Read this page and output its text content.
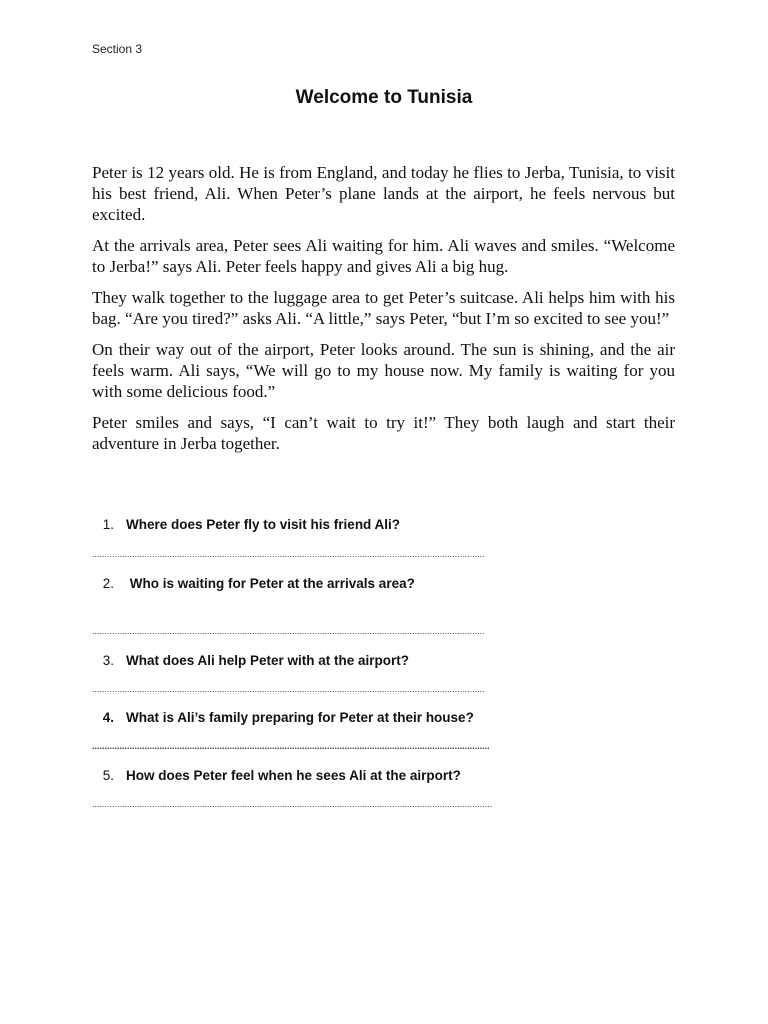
Section 3
Welcome to Tunisia

Peter is 12 years old. He is from England, and today he flies to Jerba, Tunisia, to visit his best friend, Ali. When Peter’s plane lands at the airport, he feels nervous but excited.

At the arrivals area, Peter sees Ali waiting for him. Ali waves and smiles. “Welcome to Jerba!” says Ali. Peter feels happy and gives Ali a big hug.

They walk together to the luggage area to get Peter’s suitcase. Ali helps him with his bag. “Are you tired?” asks Ali. “A little,” says Peter, “but I’m so excited to see you!”

On their way out of the airport, Peter looks around. The sun is shining, and the air feels warm. Ali says, “We will go to my house now. My family is waiting for you with some delicious food.”

Peter smiles and says, “I can’t wait to try it!” They both laugh and start their adventure in Jerba together.

1. Where does Peter fly to visit his friend Ali?
.............................................................................................................................................................
2. Who is waiting for Peter at the arrivals area?
.............................................................................................................................................................
3. What does Ali help Peter with at the airport?
.............................................................................................................................................................
4. What is Ali’s family preparing for Peter at their house?
...............................................................................................................................................................
5. How does Peter feel when he sees Ali at the airport?
................................................................................................................................................................
